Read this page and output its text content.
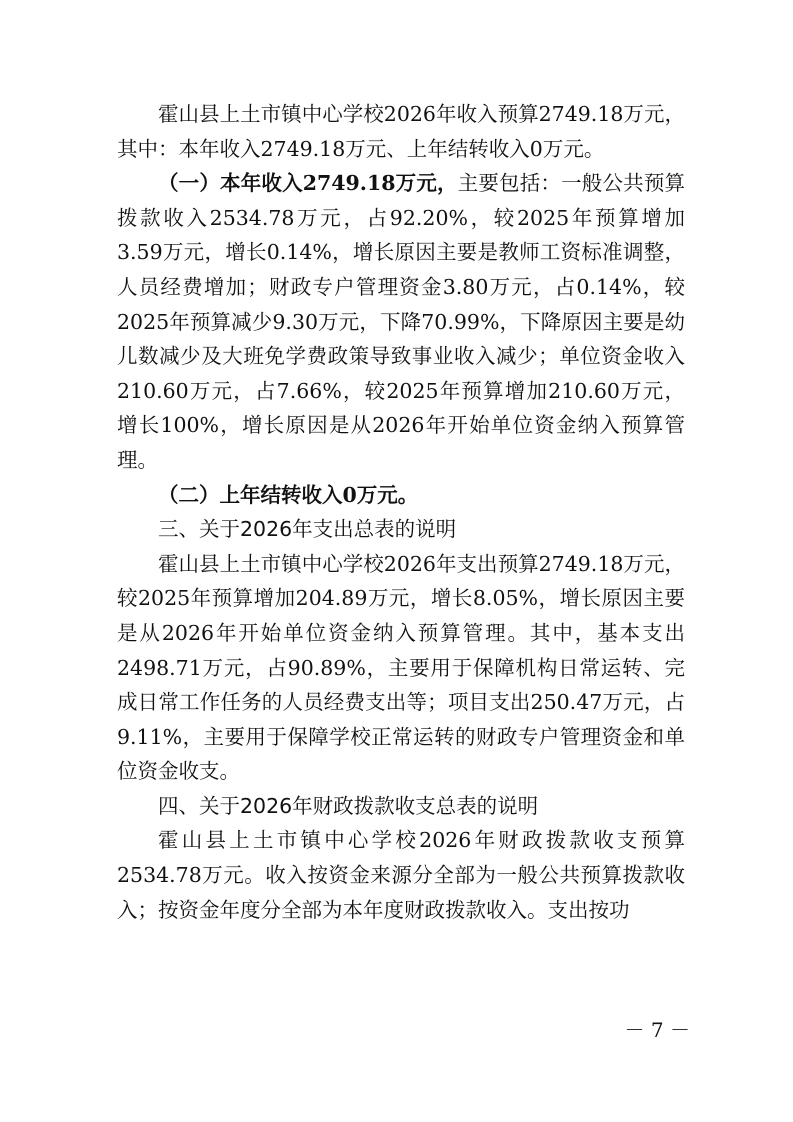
霍山县上土市镇中心学校2026年收入预算2749.18万元，其中：本年收入2749.18万元、上年结转收入0万元。

（一）本年收入2749.18万元，主要包括：一般公共预算拨款收入2534.78万元，占92.20%，较2025年预算增加3.59万元，增长0.14%，增长原因主要是教师工资标准调整，人员经费增加；财政专户管理资金3.80万元，占0.14%，较2025年预算减少9.30万元，下降70.99%，下降原因主要是幼儿数减少及大班免学费政策导致事业收入减少；单位资金收入210.60万元，占7.66%，较2025年预算增加210.60万元，增长100%，增长原因是从2026年开始单位资金纳入预算管理。

（二）上年结转收入0万元。

三、关于2026年支出总表的说明

霍山县上土市镇中心学校2026年支出预算2749.18万元，较2025年预算增加204.89万元，增长8.05%，增长原因主要是从2026年开始单位资金纳入预算管理。其中，基本支出2498.71万元，占90.89%，主要用于保障机构日常运转、完成日常工作任务的人员经费支出等；项目支出250.47万元，占9.11%，主要用于保障学校正常运转的财政专户管理资金和单位资金收支。

四、关于2026年财政拨款收支总表的说明

霍山县上土市镇中心学校2026年财政拨款收支预算2534.78万元。收入按资金来源分全部为一般公共预算拨款收入；按资金年度分全部为本年度财政拨款收入。支出按功

－ 7 －
